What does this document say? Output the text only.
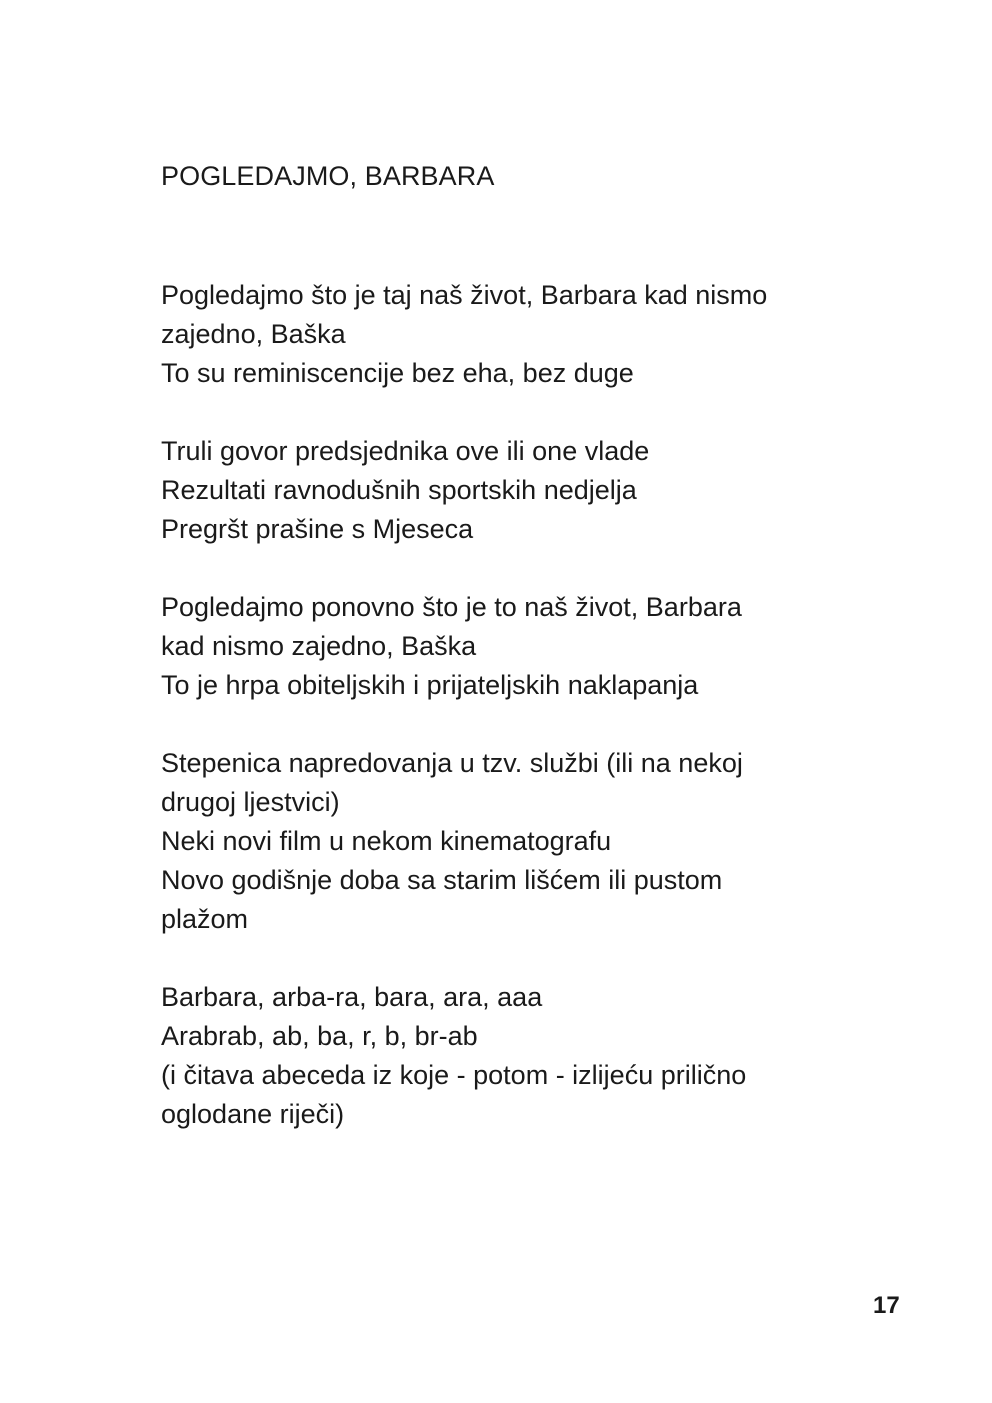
POGLEDAJMO, BARBARA
Pogledajmo što je taj naš život, Barbara kad nismo
zajedno, Baška
To su reminiscencije bez eha, bez duge
Truli govor predsjednika ove ili one vlade
Rezultati ravnodušnih sportskih nedjelja
Pregršt prašine s Mjeseca
Pogledajmo ponovno što je to naš život, Barbara
kad nismo zajedno, Baška
To je hrpa obiteljskih i prijateljskih naklapanja
Stepenica napredovanja u tzv. službi (ili na nekoj
drugoj ljestvici)
Neki novi film u nekom kinematografu
Novo godišnje doba sa starim lišćem ili pustom
plažom
Barbara, arba-ra, bara, ara, aaa
Arabrab, ab, ba, r, b, br-ab
(i čitava abeceda iz koje - potom - izlijeću prilično
oglodane riječi)
17
